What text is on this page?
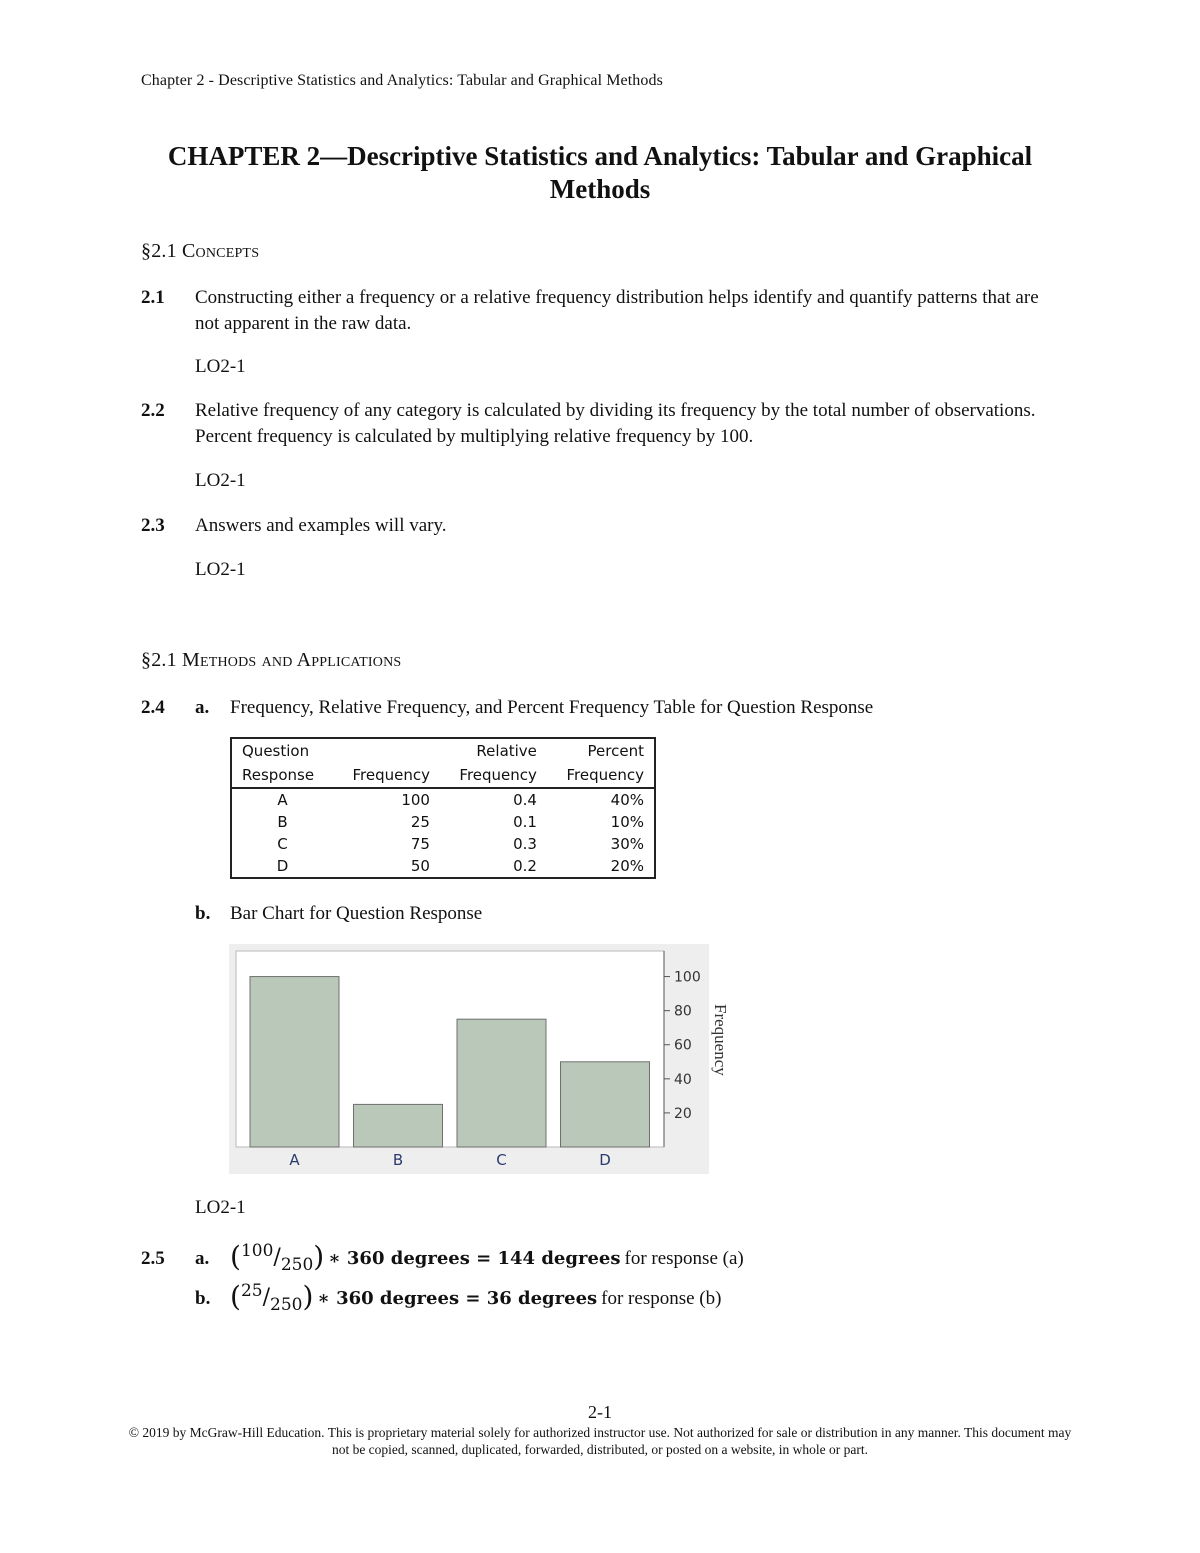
Chapter 2 - Descriptive Statistics and Analytics: Tabular and Graphical Methods
CHAPTER 2—Descriptive Statistics and Analytics: Tabular and Graphical Methods
§2.1 Concepts
2.1 Constructing either a frequency or a relative frequency distribution helps identify and quantify patterns that are not apparent in the raw data.
LO2-1
2.2 Relative frequency of any category is calculated by dividing its frequency by the total number of observations. Percent frequency is calculated by multiplying relative frequency by 100.
LO2-1
2.3 Answers and examples will vary.
LO2-1
§2.1 Methods and Applications
2.4 a. Frequency, Relative Frequency, and Percent Frequency Table for Question Response
Question		Relative	Percent
Response	Frequency	Frequency	Frequency
A	100	0.4	40%
B	25	0.1	10%
C	75	0.3	30%
D	50	0.2	20%
b. Bar Chart for Question Response
20
40
60
80
100
A	B	C	D
Frequency
LO2-1
2.5 a. (100/250) ∗ 360 degrees = 144 degrees for response (a)
b. (25/250) ∗ 360 degrees = 36 degrees for response (b)
2-1
© 2019 by McGraw-Hill Education. This is proprietary material solely for authorized instructor use. Not authorized for sale or distribution in any manner. This document may not be copied, scanned, duplicated, forwarded, distributed, or posted on a website, in whole or part.
